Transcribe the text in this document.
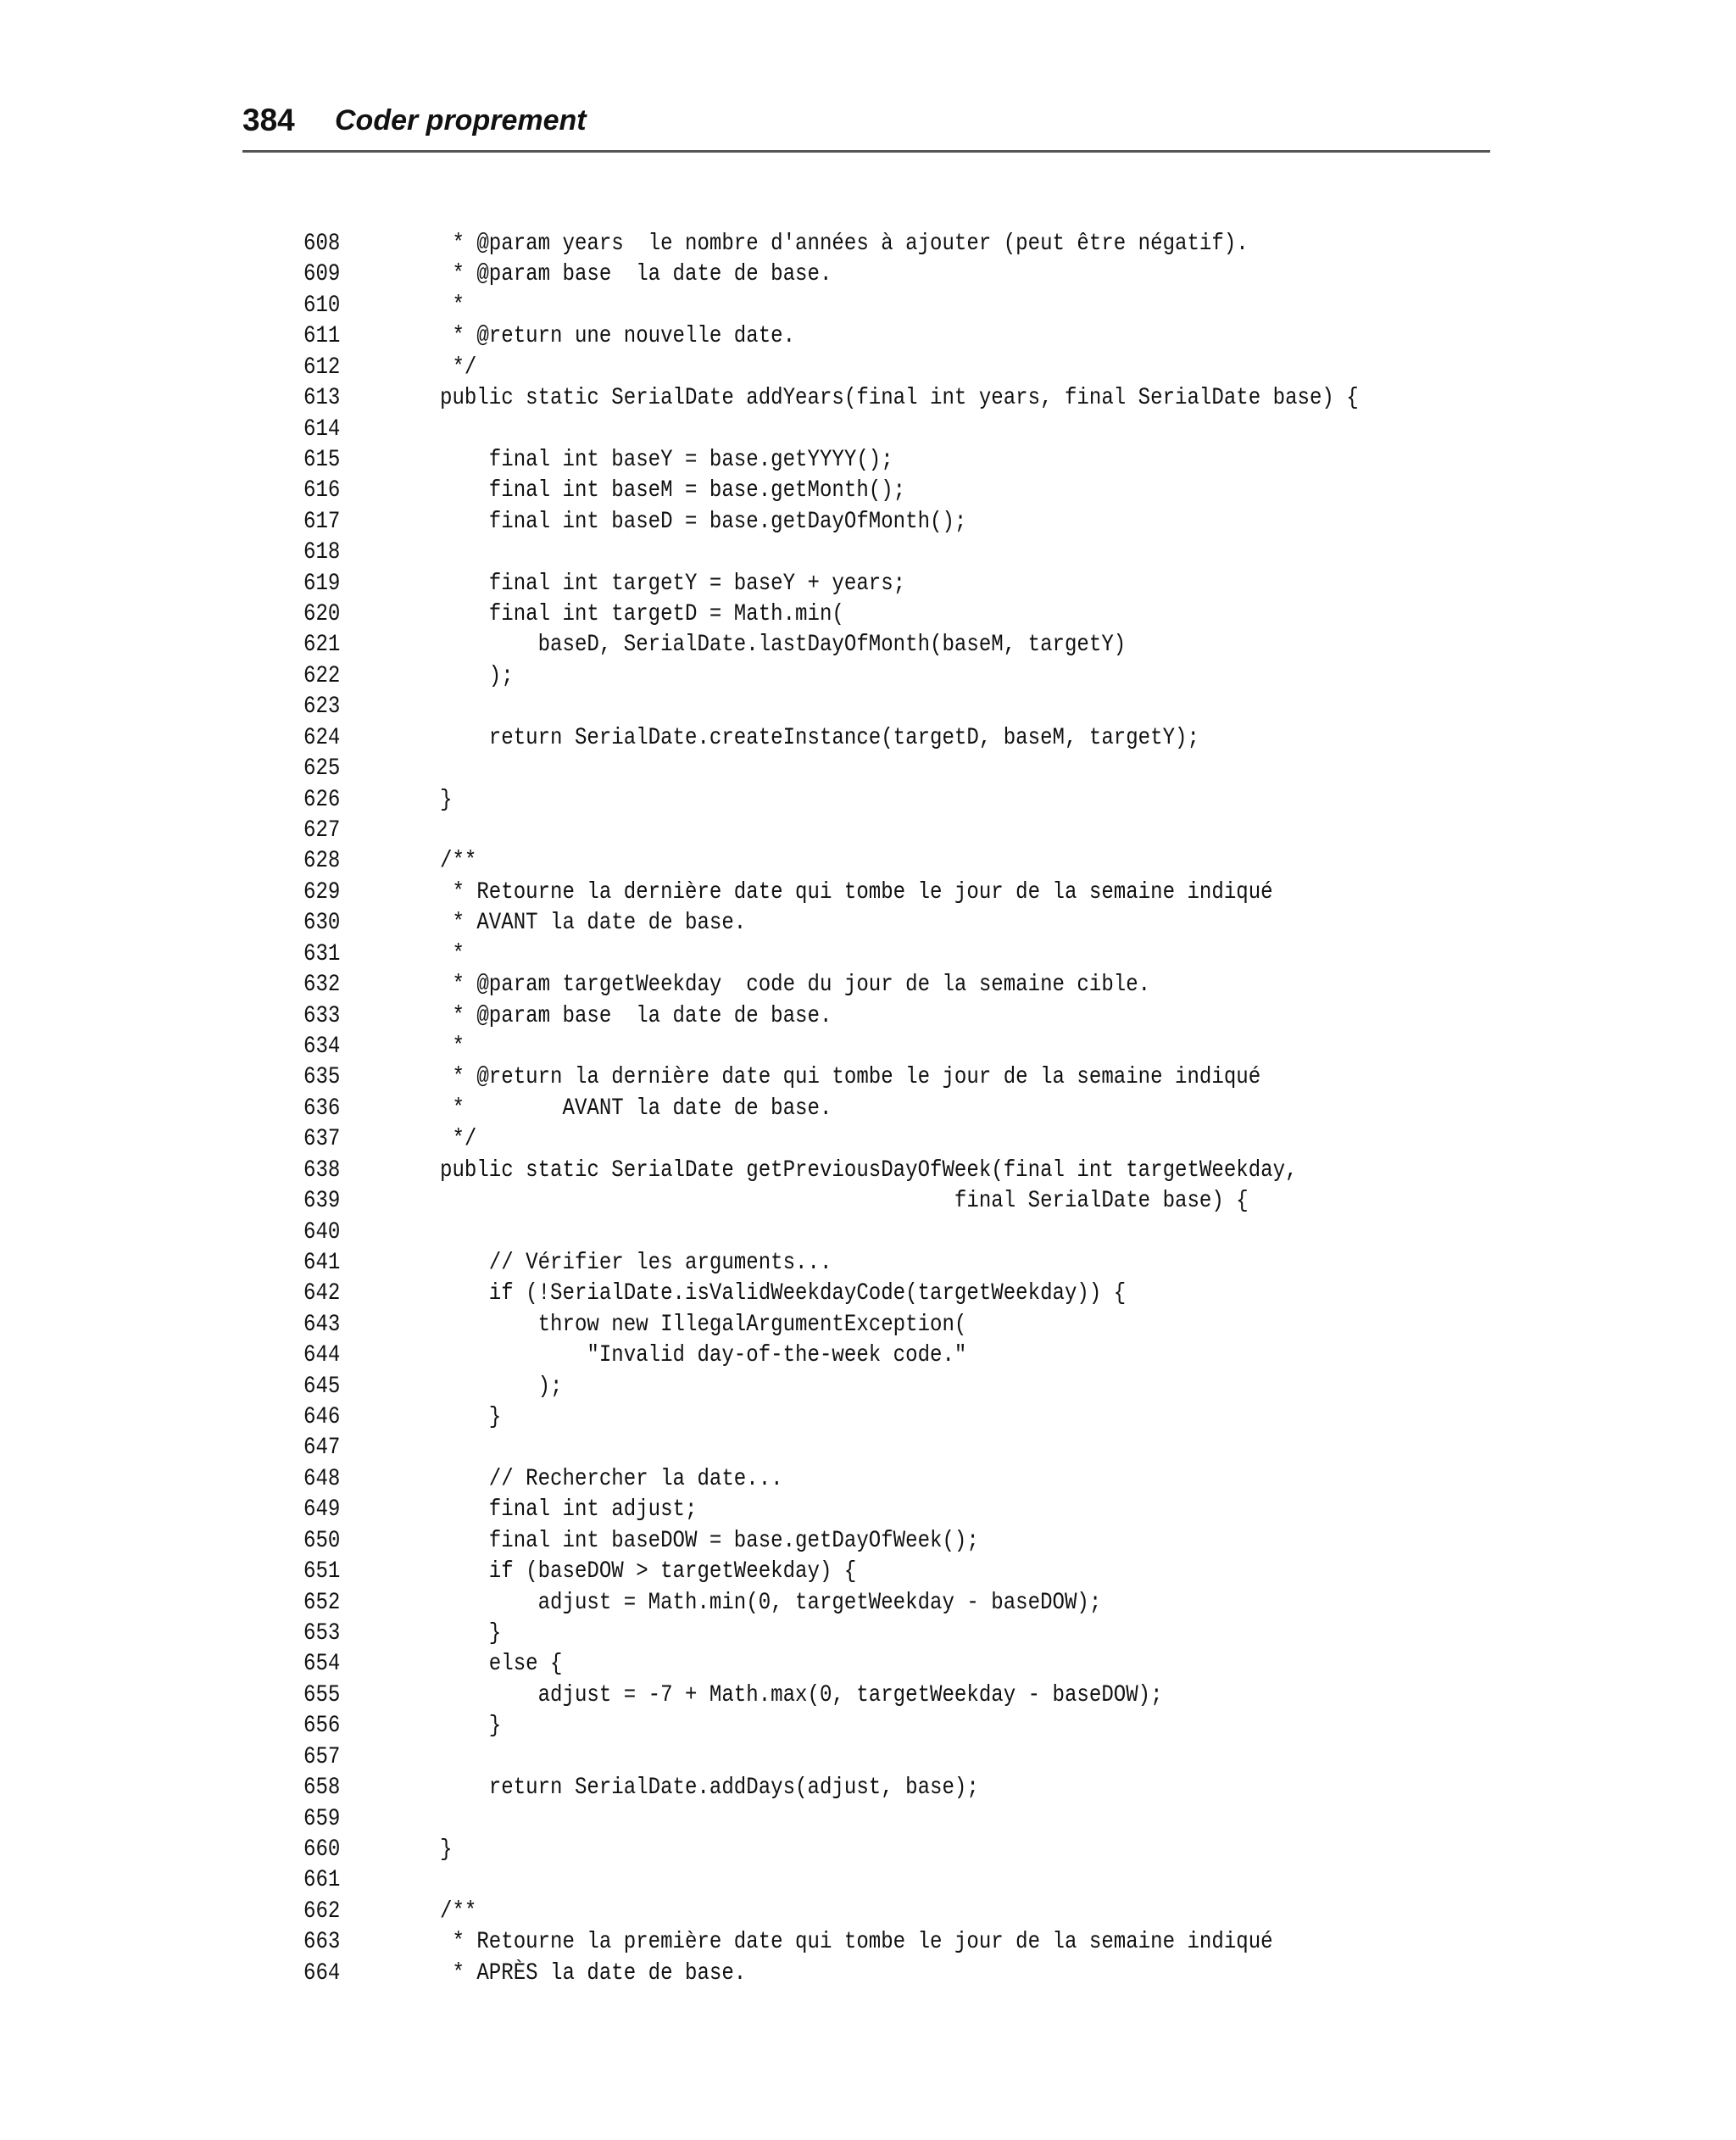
384 Coder proprement
608     * @param years  le nombre d'années à ajouter (peut être négatif).
609     * @param base  la date de base.
610     *
611     * @return une nouvelle date.
612     */
613    public static SerialDate addYears(final int years, final SerialDate base) {
614
615        final int baseY = base.getYYYY();
616        final int baseM = base.getMonth();
617        final int baseD = base.getDayOfMonth();
618
619        final int targetY = baseY + years;
620        final int targetD = Math.min(
621            baseD, SerialDate.lastDayOfMonth(baseM, targetY)
622        );
623
624        return SerialDate.createInstance(targetD, baseM, targetY);
625
626    }
627
628    /**
629     * Retourne la dernière date qui tombe le jour de la semaine indiqué
630     * AVANT la date de base.
631     *
632     * @param targetWeekday  code du jour de la semaine cible.
633     * @param base  la date de base.
634     *
635     * @return la dernière date qui tombe le jour de la semaine indiqué
636     *        AVANT la date de base.
637     */
638    public static SerialDate getPreviousDayOfWeek(final int targetWeekday,
639                                              final SerialDate base) {
640
641        // Vérifier les arguments...
642        if (!SerialDate.isValidWeekdayCode(targetWeekday)) {
643            throw new IllegalArgumentException(
644                "Invalid day-of-the-week code."
645            );
646        }
647
648        // Rechercher la date...
649        final int adjust;
650        final int baseDOW = base.getDayOfWeek();
651        if (baseDOW > targetWeekday) {
652            adjust = Math.min(0, targetWeekday - baseDOW);
653        }
654        else {
655            adjust = -7 + Math.max(0, targetWeekday - baseDOW);
656        }
657
658        return SerialDate.addDays(adjust, base);
659
660    }
661
662    /**
663     * Retourne la première date qui tombe le jour de la semaine indiqué
664     * APRÈS la date de base.
